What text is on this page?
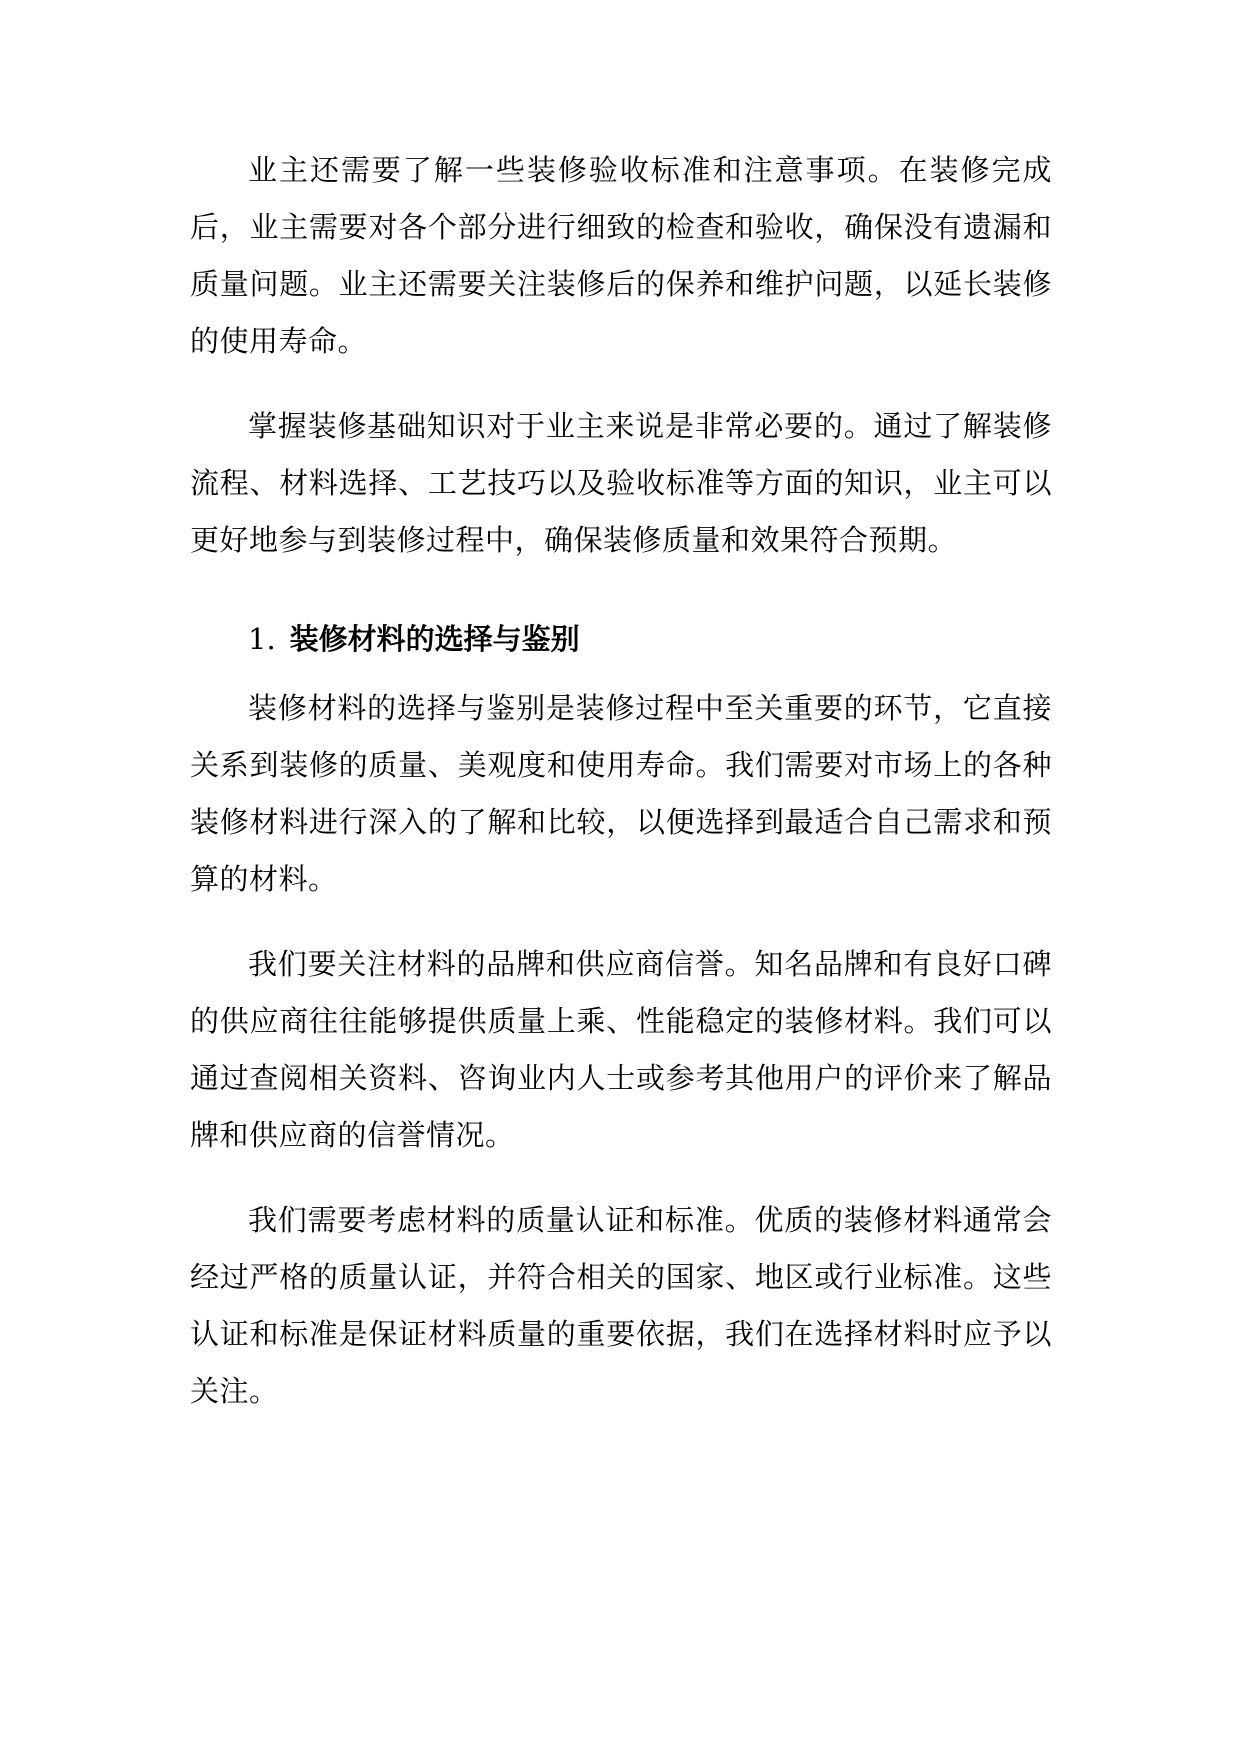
业主还需要了解一些装修验收标准和注意事项。在装修完成后，业主需要对各个部分进行细致的检查和验收，确保没有遗漏和质量问题。业主还需要关注装修后的保养和维护问题，以延长装修的使用寿命。

掌握装修基础知识对于业主来说是非常必要的。通过了解装修流程、材料选择、工艺技巧以及验收标准等方面的知识，业主可以更好地参与到装修过程中，确保装修质量和效果符合预期。

1. 装修材料的选择与鉴别

装修材料的选择与鉴别是装修过程中至关重要的环节，它直接关系到装修的质量、美观度和使用寿命。我们需要对市场上的各种装修材料进行深入的了解和比较，以便选择到最适合自己需求和预算的材料。

我们要关注材料的品牌和供应商信誉。知名品牌和有良好口碑的供应商往往能够提供质量上乘、性能稳定的装修材料。我们可以通过查阅相关资料、咨询业内人士或参考其他用户的评价来了解品牌和供应商的信誉情况。

我们需要考虑材料的质量认证和标准。优质的装修材料通常会经过严格的质量认证，并符合相关的国家、地区或行业标准。这些认证和标准是保证材料质量的重要依据，我们在选择材料时应予以关注。
